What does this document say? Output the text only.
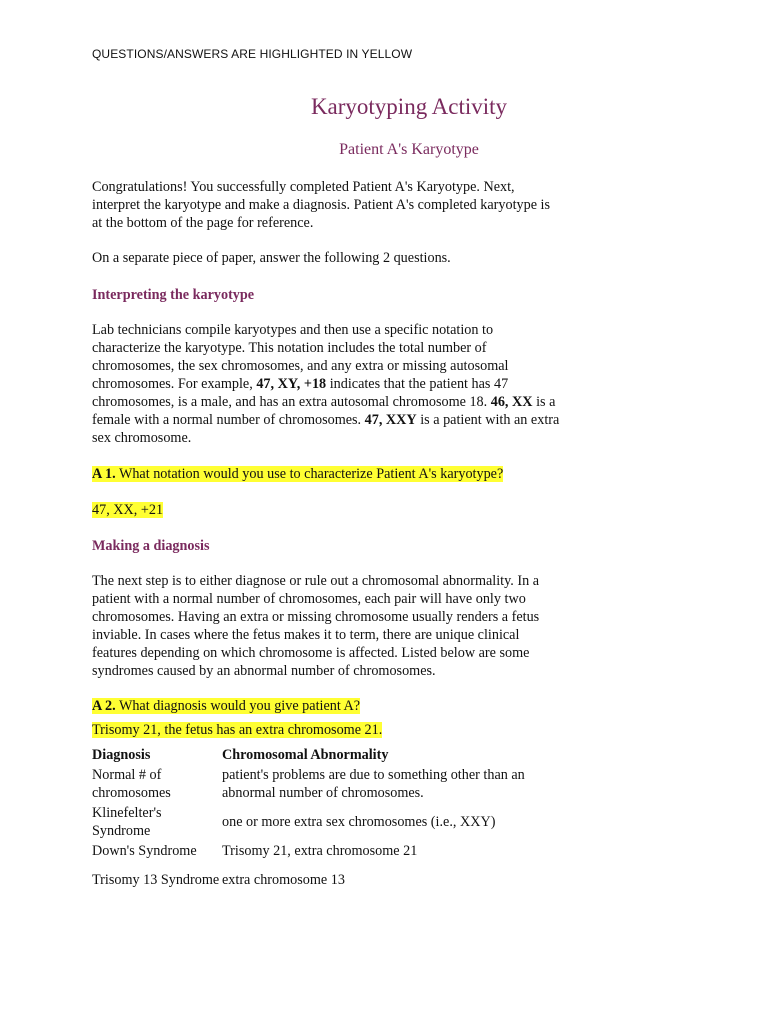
QUESTIONS/ANSWERS ARE HIGHLIGHTED IN YELLOW
Karyotyping Activity
Patient A's Karyotype
Congratulations! You successfully completed Patient A's Karyotype. Next, interpret the karyotype and make a diagnosis. Patient A's completed karyotype is at the bottom of the page for reference.
On a separate piece of paper, answer the following 2 questions.
Interpreting the karyotype
Lab technicians compile karyotypes and then use a specific notation to characterize the karyotype. This notation includes the total number of chromosomes, the sex chromosomes, and any extra or missing autosomal chromosomes. For example, 47, XY, +18 indicates that the patient has 47 chromosomes, is a male, and has an extra autosomal chromosome 18. 46, XX is a female with a normal number of chromosomes. 47, XXY is a patient with an extra sex chromosome.
A 1. What notation would you use to characterize Patient A's karyotype?
47, XX, +21
Making a diagnosis
The next step is to either diagnose or rule out a chromosomal abnormality. In a patient with a normal number of chromosomes, each pair will have only two chromosomes. Having an extra or missing chromosome usually renders a fetus inviable. In cases where the fetus makes it to term, there are unique clinical features depending on which chromosome is affected. Listed below are some syndromes caused by an abnormal number of chromosomes.
A 2. What diagnosis would you give patient A?
Trisomy 21, the fetus has an extra chromosome 21.
Diagnosis	Chromosomal Abnormality
Normal # of chromosomes	patient's problems are due to something other than an abnormal number of chromosomes.
Klinefelter's Syndrome	one or more extra sex chromosomes (i.e., XXY)
Down's Syndrome	Trisomy 21, extra chromosome 21
Trisomy 13 Syndrome	extra chromosome 13
